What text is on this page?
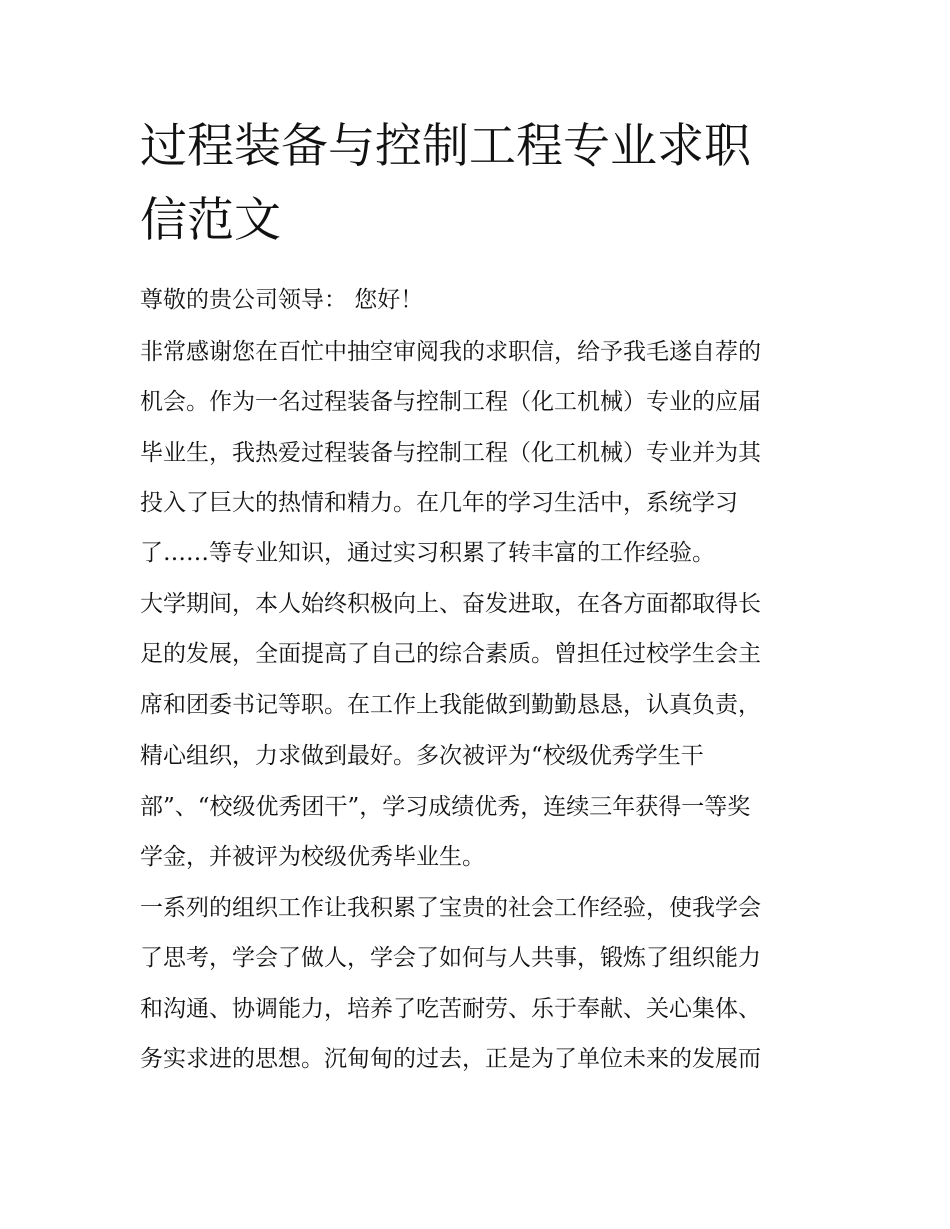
过程装备与控制工程专业求职
信范文

尊敬的贵公司领导： 您好！

非常感谢您在百忙中抽空审阅我的求职信，给予我毛遂自荐的

机会。作为一名过程装备与控制工程（化工机械）专业的应届

毕业生，我热爱过程装备与控制工程（化工机械）专业并为其

投入了巨大的热情和精力。在几年的学习生活中，系统学习

了……等专业知识，通过实习积累了转丰富的工作经验。

大学期间，本人始终积极向上、奋发进取，在各方面都取得长

足的发展，全面提高了自己的综合素质。曾担任过校学生会主

席和团委书记等职。在工作上我能做到勤勤恳恳，认真负责，

精心组织，力求做到最好。多次被评为“校级优秀学生干

部”、“校级优秀团干”，学习成绩优秀，连续三年获得一等奖

学金，并被评为校级优秀毕业生。

一系列的组织工作让我积累了宝贵的社会工作经验，使我学会

了思考，学会了做人，学会了如何与人共事，锻炼了组织能力

和沟通、协调能力，培养了吃苦耐劳、乐于奉献、关心集体、

务实求进的思想。沉甸甸的过去，正是为了单位未来的发展而
